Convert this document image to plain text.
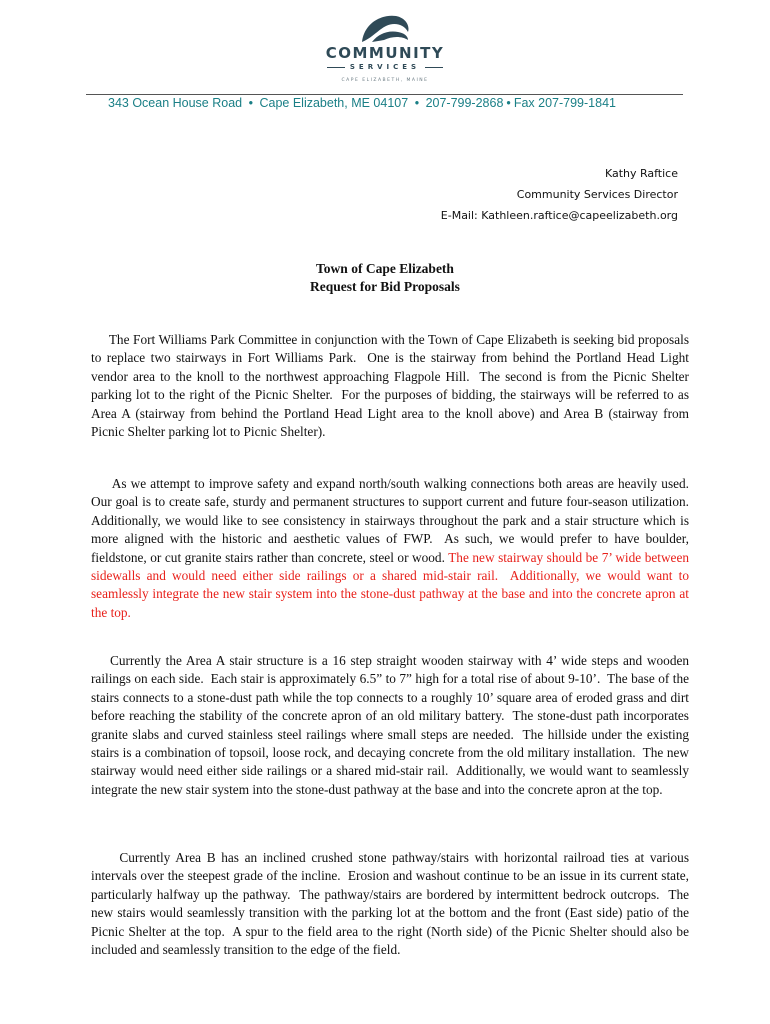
COMMUNITY
SERVICES
CAPE ELIZABETH, MAINE
343 Ocean House Road • Cape Elizabeth, ME 04107 • 207-799-2868 • Fax 207-799-1841
Kathy Raftice
Community Services Director
E-Mail: Kathleen.raftice@capeelizabeth.org
Town of Cape Elizabeth
Request for Bid Proposals

The Fort Williams Park Committee in conjunction with the Town of Cape Elizabeth is seeking bid proposals to replace two stairways in Fort Williams Park.  One is the stairway from behind the Portland Head Light vendor area to the knoll to the northwest approaching Flagpole Hill.  The second is from the Picnic Shelter parking lot to the right of the Picnic Shelter.  For the purposes of bidding, the stairways will be referred to as Area A (stairway from behind the Portland Head Light area to the knoll above) and Area B (stairway from Picnic Shelter parking lot to Picnic Shelter).

As we attempt to improve safety and expand north/south walking connections both areas are heavily used.  Our goal is to create safe, sturdy and permanent structures to support current and future four-season utilization.  Additionally, we would like to see consistency in stairways throughout the park and a stair structure which is more aligned with the historic and aesthetic values of FWP.  As such, we would prefer to have boulder, fieldstone, or cut granite stairs rather than concrete, steel or wood. The new stairway should be 7’ wide between sidewalls and would need either side railings or a shared mid-stair rail.  Additionally, we would want to seamlessly integrate the new stair system into the stone-dust pathway at the base and into the concrete apron at the top.

Currently the Area A stair structure is a 16 step straight wooden stairway with 4’ wide steps and wooden railings on each side.  Each stair is approximately 6.5” to 7” high for a total rise of about 9-10’.  The base of the stairs connects to a stone-dust path while the top connects to a roughly 10’ square area of eroded grass and dirt before reaching the stability of the concrete apron of an old military battery.  The stone-dust path incorporates granite slabs and curved stainless steel railings where small steps are needed.  The hillside under the existing stairs is a combination of topsoil, loose rock, and decaying concrete from the old military installation.  The new stairway would need either side railings or a shared mid-stair rail.  Additionally, we would want to seamlessly integrate the new stair system into the stone-dust pathway at the base and into the concrete apron at the top.

Currently Area B has an inclined crushed stone pathway/stairs with horizontal railroad ties at various intervals over the steepest grade of the incline.  Erosion and washout continue to be an issue in its current state, particularly halfway up the pathway.  The pathway/stairs are bordered by intermittent bedrock outcrops.  The new stairs would seamlessly transition with the parking lot at the bottom and the front (East side) patio of the Picnic Shelter at the top.  A spur to the field area to the right (North side) of the Picnic Shelter should also be included and seamlessly transition to the edge of the field.
